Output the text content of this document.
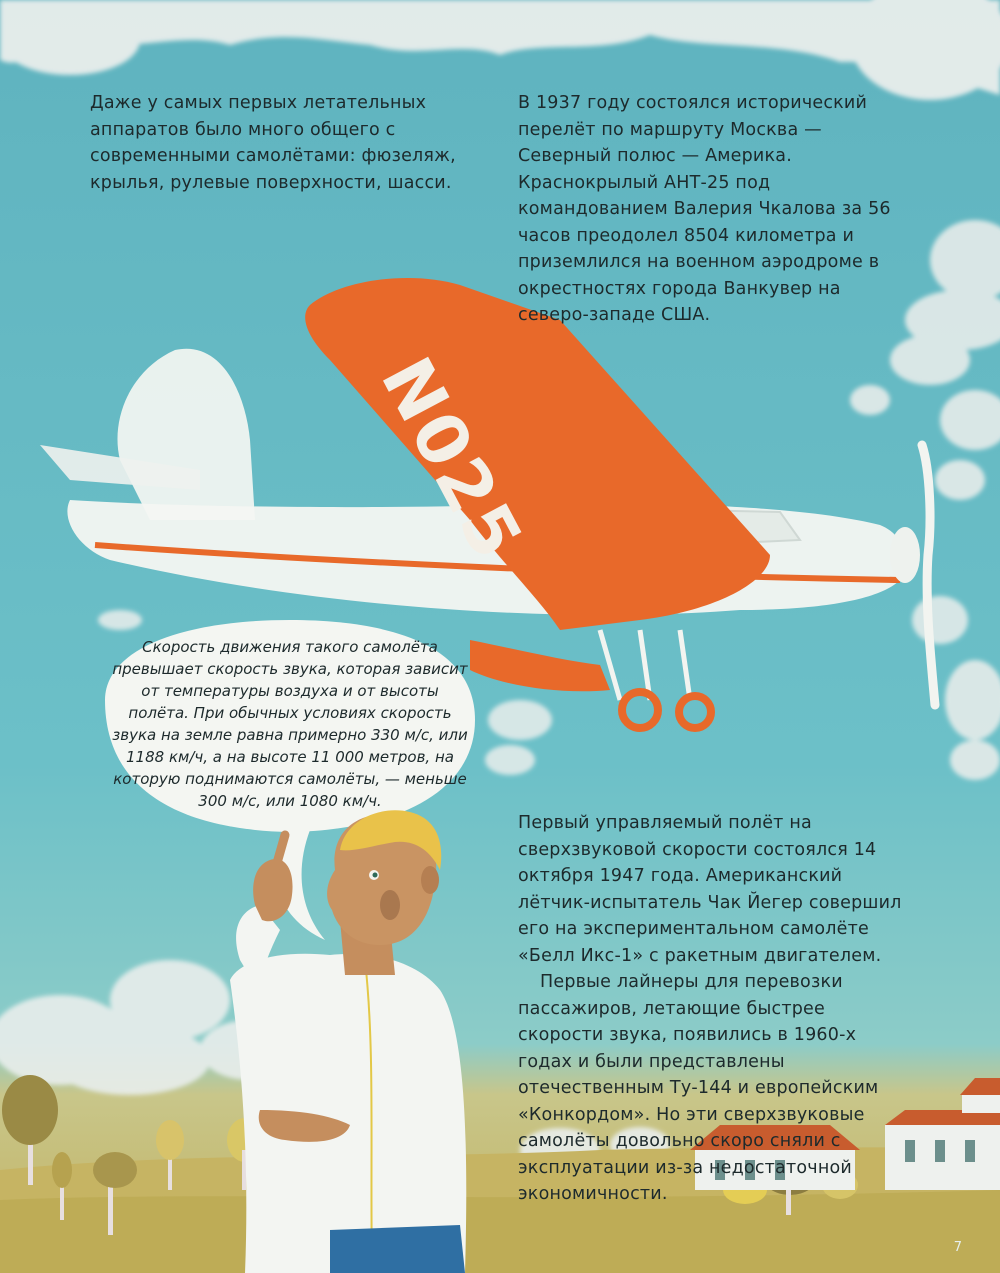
N025

Даже у самых первых летательных аппаратов было много общего с современными самолётами: фюзеляж, крылья, рулевые поверхности, шасси.

В 1937 году состоялся исторический перелёт по маршруту Москва — Северный полюс — Америка. Краснокрылый АНТ-25 под командованием Валерия Чкалова за 56 часов преодолел 8504 километра и приземлился на военном аэродроме в окрестностях города Ванкувер на северо-западе США.

Скорость движения такого самолёта превышает скорость звука, которая зависит от температуры воздуха и от высоты полёта. При обычных условиях скорость звука на земле равна примерно 330 м/с, или 1188 км/ч, а на высоте 11 000 метров, на которую поднимаются самолёты, — меньше 300 м/с, или 1080 км/ч.

Первый управляемый полёт на сверхзвуковой скорости состоялся 14 октября 1947 года. Американский лётчик-испытатель Чак Йегер совершил его на экспериментальном самолёте «Белл Икс-1» с ракетным двигателем.

Первые лайнеры для перевозки пассажиров, летающие быстрее скорости звука, появились в 1960-х годах и были представлены отечественным Ту-144 и европейским «Конкордом». Но эти сверхзвуковые самолёты довольно скоро сняли с эксплуатации из-за недостаточной экономичности.

7
